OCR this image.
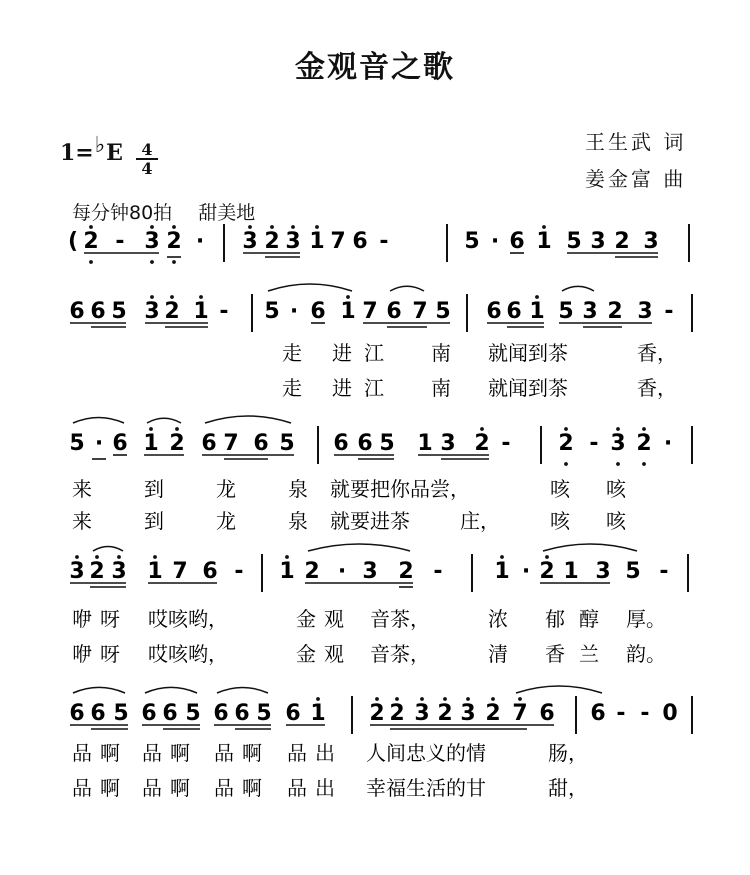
金观音之歌
1=♭E $\frac{4}{4}$	王生武 词
姜金富 曲
每分钟80拍 甜美地
( 2 - 3 2 · 3 2 3 1 7 6 -	5 · 6 1 5 3 2 3
6 6 5 3 2 1 - 5 · 6 1 7 6 7 5 6 6 1 5 3 2 3 -
走 进江 南 就闻到茶	香，
走 进江 南 就闻到茶	香，
5 · 6 1 2 6 7 6 5 6 6 5 1 3 2 - 2 - 3 2 ·
来	到	龙	泉 就要把你品尝，	咳 咳
来	到	龙	泉 就要进茶	庄，	咳 咳
3 2 3 1 7 6 - 1 2 · 3 2 - 1 · 2 1 3 5 -
咿呀 哎咳哟，	金观 音茶，	浓 郁醇 厚。
咿呀 哎咳哟，	金观 音茶，	清 香兰 韵。
6 6 5 6 6 5 6 6 5 6 1 2 2 3 2 3 2 7 6 6 - - 0
品啊 品啊 品啊 品出 人间忠义的情	肠，
品啊 品啊 品啊 品出 幸福生活的甘	甜，
